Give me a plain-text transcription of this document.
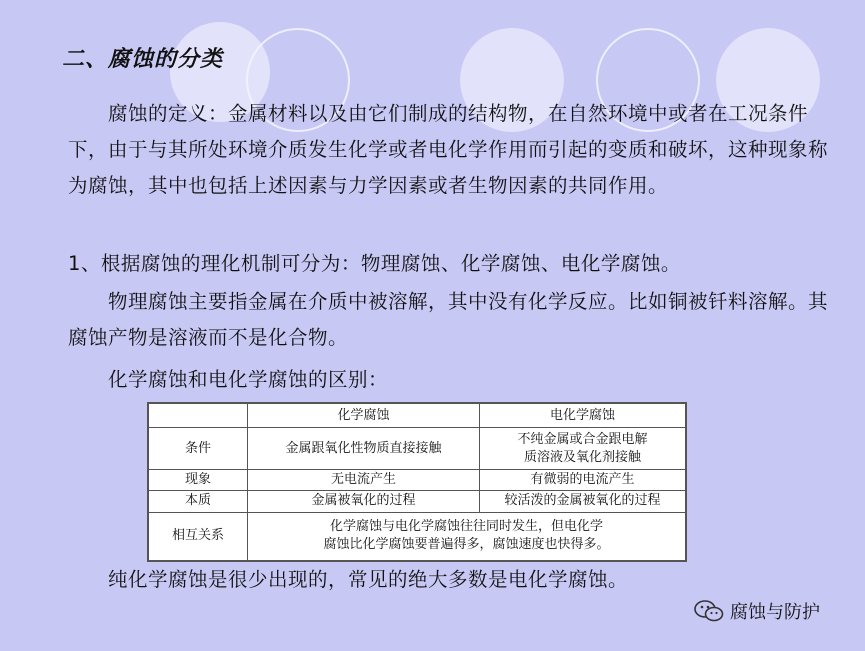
二、腐蚀的分类
腐蚀的定义：金属材料以及由它们制成的结构物，在自然环境中或者在工况条件下，由于与其所处环境介质发生化学或者电化学作用而引起的变质和破坏，这种现象称为腐蚀，其中也包括上述因素与力学因素或者生物因素的共同作用。
1、根据腐蚀的理化机制可分为：物理腐蚀、化学腐蚀、电化学腐蚀。
物理腐蚀主要指金属在介质中被溶解，其中没有化学反应。比如铜被钎料溶解。其腐蚀产物是溶液而不是化合物。
化学腐蚀和电化学腐蚀的区别：
	化学腐蚀	电化学腐蚀
条件	金属跟氧化性物质直接接触	不纯金属或合金跟电解
质溶液及氧化剂接触

现象	无电流产生	有微弱的电流产生
本质	金属被氧化的过程	较活泼的金属被氧化的过程
相互关系	化学腐蚀与电化学腐蚀往往同时发生，但电化学
腐蚀比化学腐蚀要普遍得多，腐蚀速度也快得多。	
纯化学腐蚀是很少出现的，常见的绝大多数是电化学腐蚀。
腐蚀与防护
